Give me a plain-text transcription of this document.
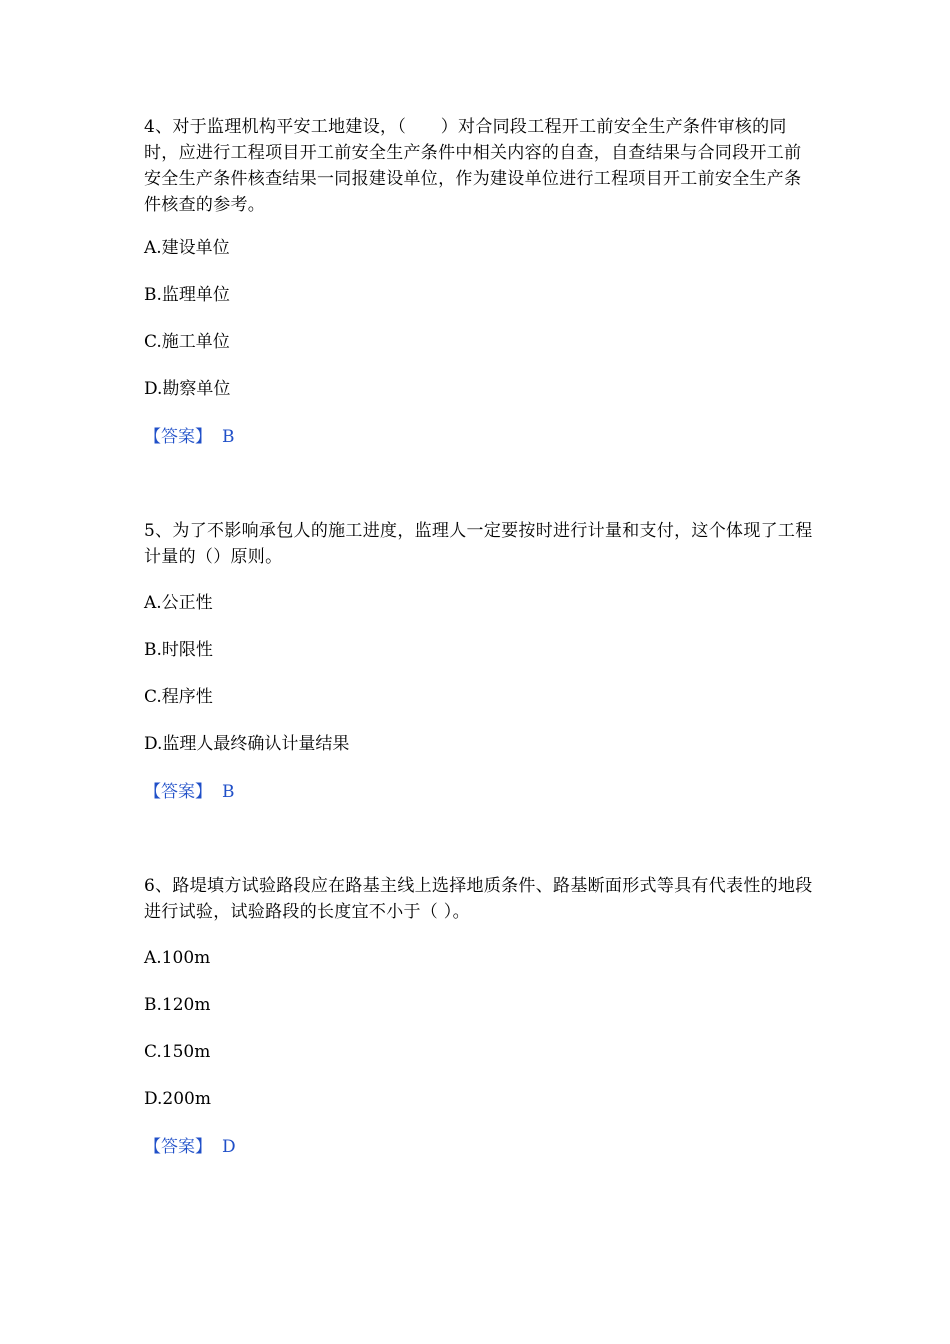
4、对于监理机构平安工地建设，（　　）对合同段工程开工前安全生产条件审核的同时，应进行工程项目开工前安全生产条件中相关内容的自查，自查结果与合同段开工前安全生产条件核查结果一同报建设单位，作为建设单位进行工程项目开工前安全生产条件核查的参考。

A.建设单位

B.监理单位

C.施工单位

D.勘察单位

【答案】 B

5、为了不影响承包人的施工进度，监理人一定要按时进行计量和支付，这个体现了工程计量的（）原则。

A.公正性

B.时限性

C.程序性

D.监理人最终确认计量结果

【答案】 B

6、路堤填方试验路段应在路基主线上选择地质条件、路基断面形式等具有代表性的地段进行试验，试验路段的长度宜不小于（ ）。

A.100m

B.120m

C.150m

D.200m

【答案】 D
